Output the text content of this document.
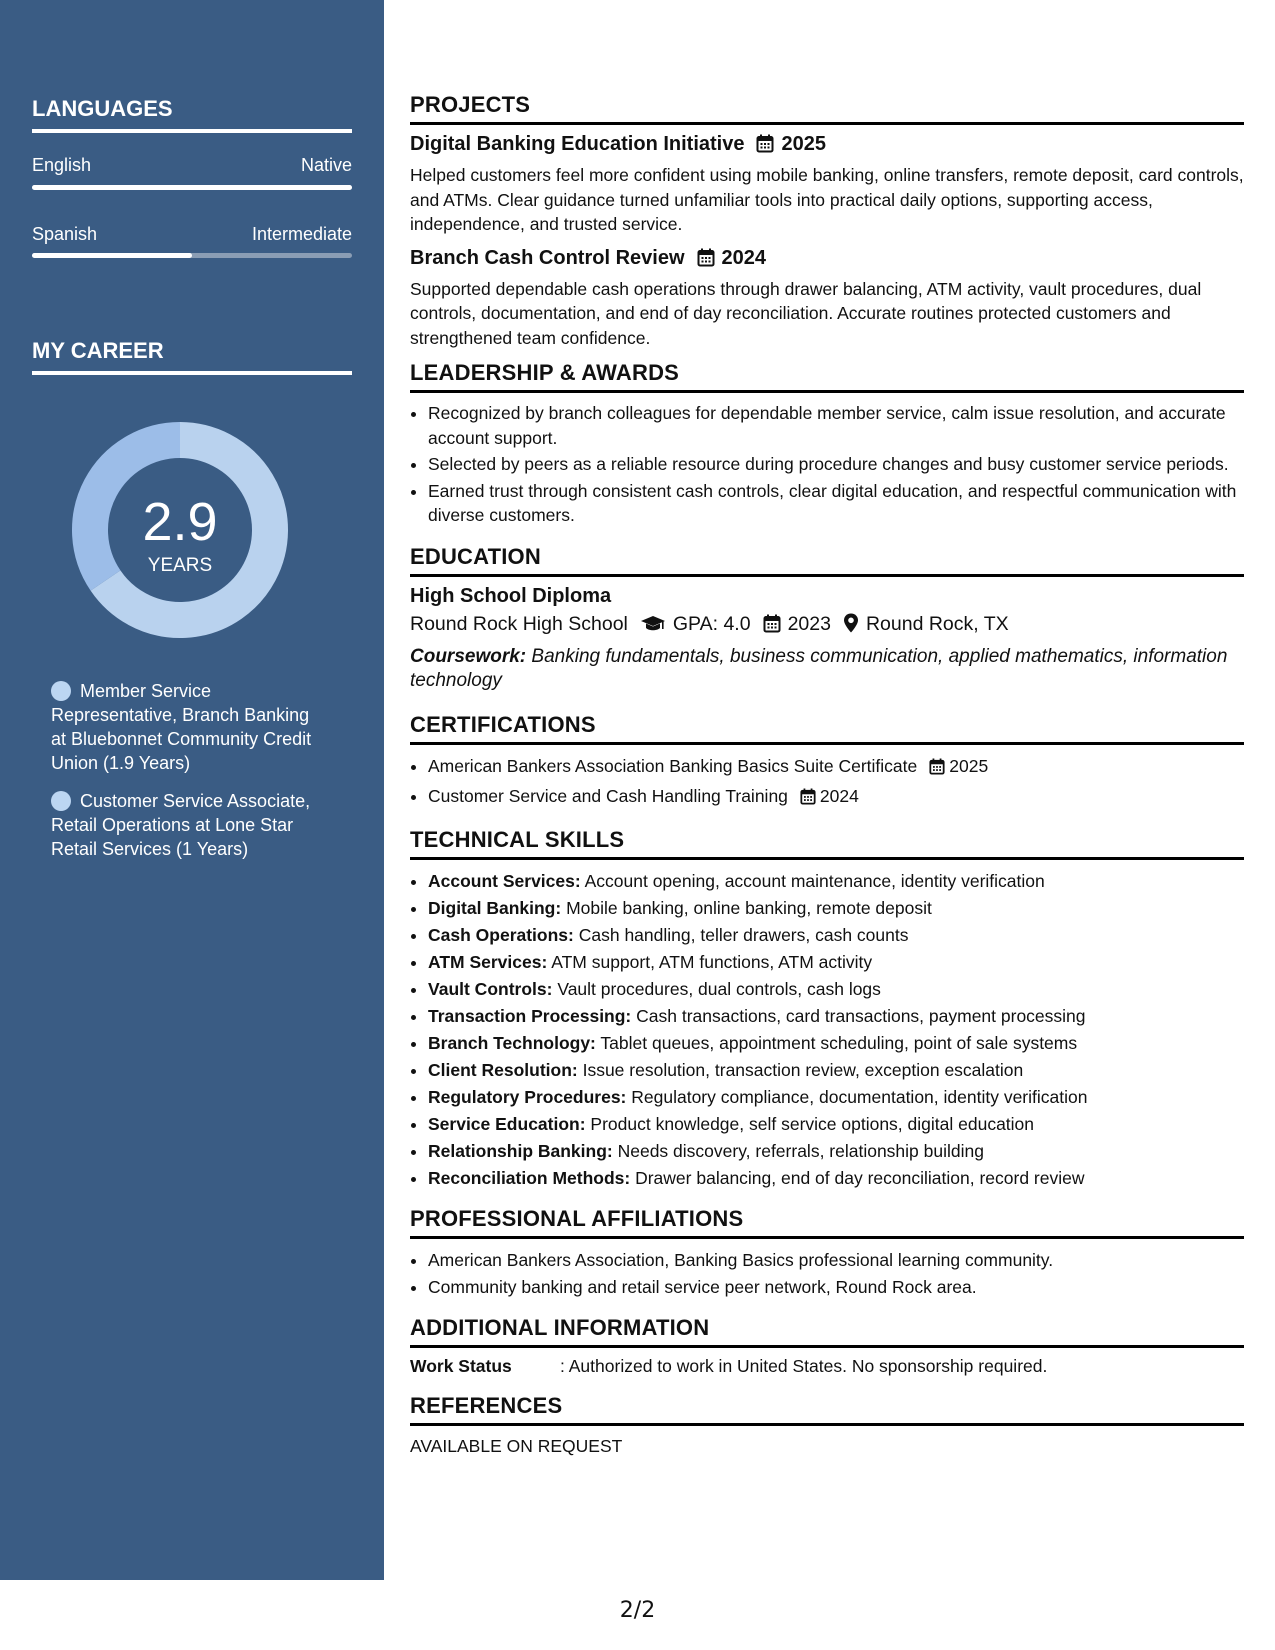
LANGUAGES
English	Native
Spanish	Intermediate
MY CAREER
2.9
YEARS
Member Service Representative, Branch Banking at Bluebonnet Community Credit Union (1.9 Years)
Customer Service Associate, Retail Operations at Lone Star Retail Services (1 Years)
PROJECTS
Digital Banking Education Initiative 2025
Helped customers feel more confident using mobile banking, online transfers, remote deposit, card controls, and ATMs. Clear guidance turned unfamiliar tools into practical daily options, supporting access, independence, and trusted service.
Branch Cash Control Review 2024
Supported dependable cash operations through drawer balancing, ATM activity, vault procedures, dual controls, documentation, and end of day reconciliation. Accurate routines protected customers and strengthened team confidence.
LEADERSHIP & AWARDS
• Recognized by branch colleagues for dependable member service, calm issue resolution, and accurate account support.
• Selected by peers as a reliable resource during procedure changes and busy customer service periods.
• Earned trust through consistent cash controls, clear digital education, and respectful communication with diverse customers.
EDUCATION
High School Diploma
Round Rock High School GPA: 4.0 2023 Round Rock, TX
Coursework: Banking fundamentals, business communication, applied mathematics, information technology
CERTIFICATIONS
• American Bankers Association Banking Basics Suite Certificate 2025
• Customer Service and Cash Handling Training 2024
TECHNICAL SKILLS
• Account Services: Account opening, account maintenance, identity verification
• Digital Banking: Mobile banking, online banking, remote deposit
• Cash Operations: Cash handling, teller drawers, cash counts
• ATM Services: ATM support, ATM functions, ATM activity
• Vault Controls: Vault procedures, dual controls, cash logs
• Transaction Processing: Cash transactions, card transactions, payment processing
• Branch Technology: Tablet queues, appointment scheduling, point of sale systems
• Client Resolution: Issue resolution, transaction review, exception escalation
• Regulatory Procedures: Regulatory compliance, documentation, identity verification
• Service Education: Product knowledge, self service options, digital education
• Relationship Banking: Needs discovery, referrals, relationship building
• Reconciliation Methods: Drawer balancing, end of day reconciliation, record review
PROFESSIONAL AFFILIATIONS
• American Bankers Association, Banking Basics professional learning community.
• Community banking and retail service peer network, Round Rock area.
ADDITIONAL INFORMATION
Work Status	: Authorized to work in United States. No sponsorship required.
REFERENCES
AVAILABLE ON REQUEST
2/2
